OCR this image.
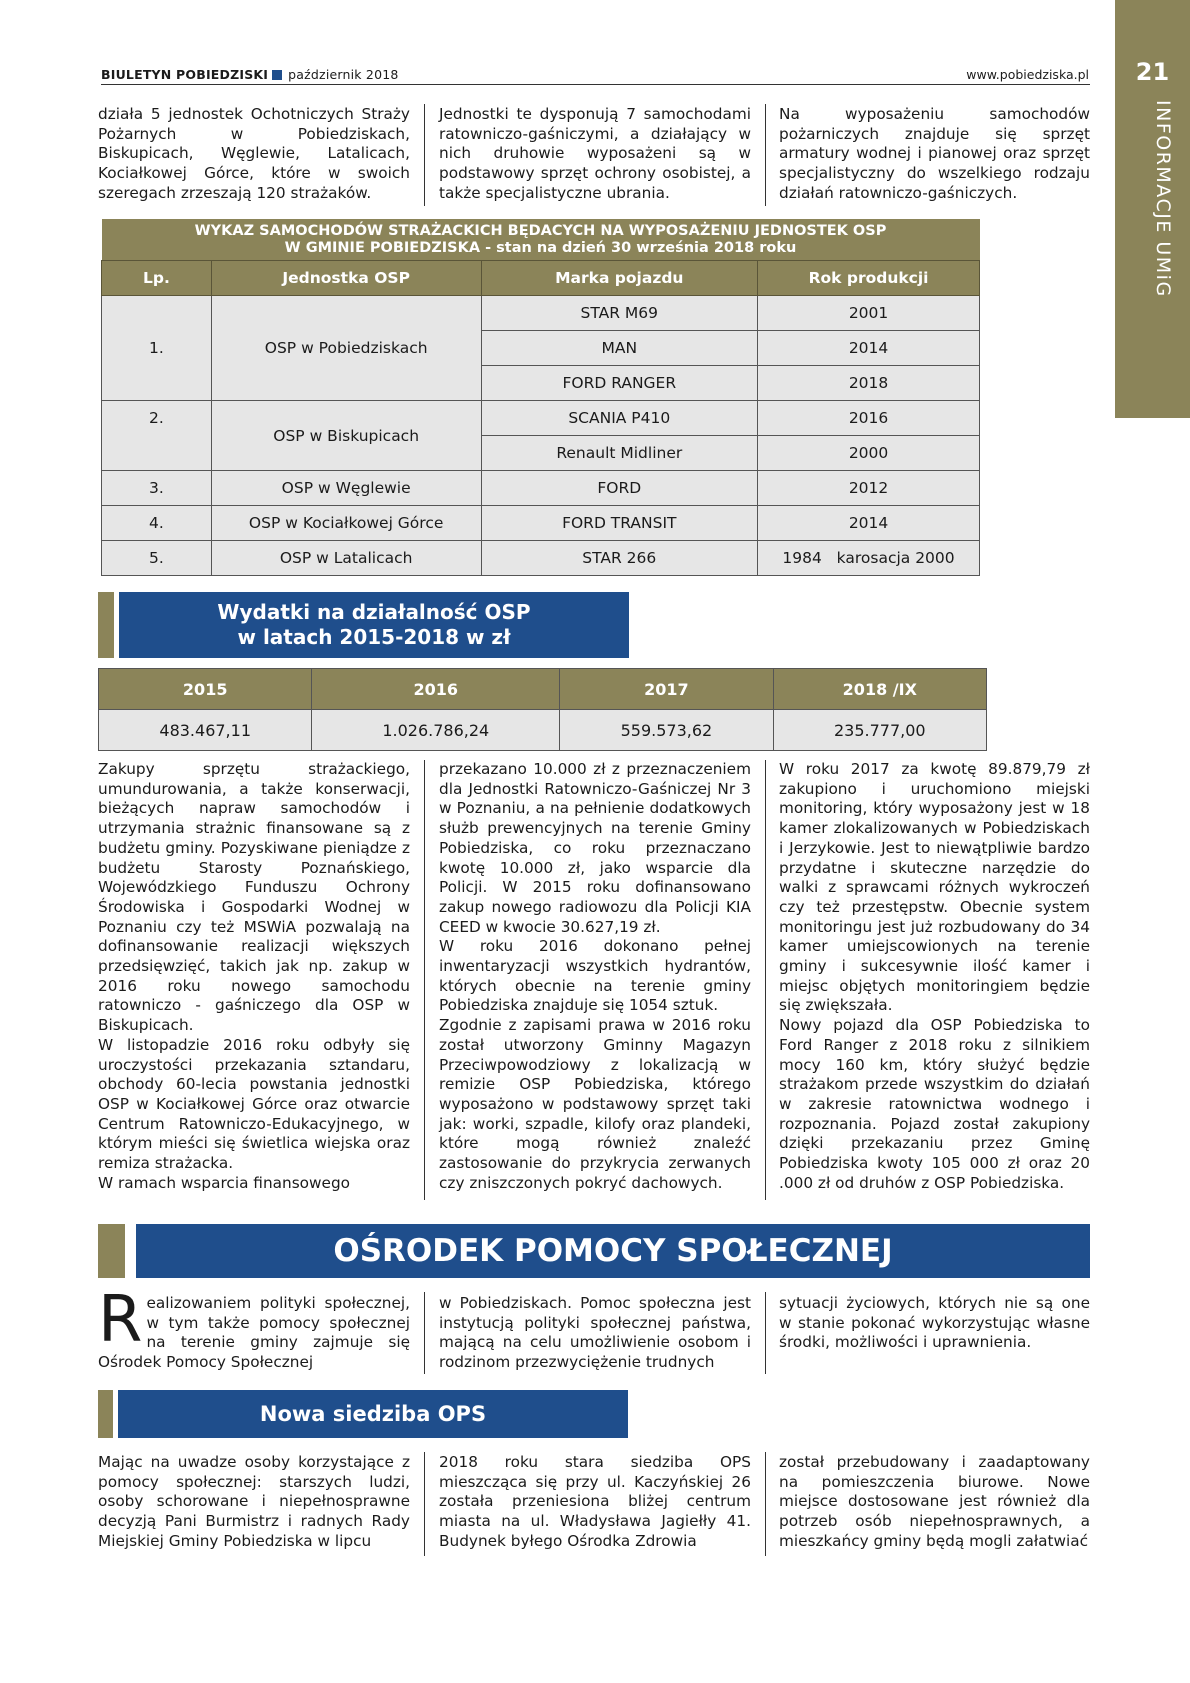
BIULETYN POBIEDZISKI październik 2018	www.pobiedziska.pl	21
INFORMACJE UMiG
działa 5 jednostek Ochotniczych Straży Pożarnych w Pobiedziskach, Biskupicach, Węglewie, Latalicach, Kociałkowej Górce, które w swoich szeregach zrzeszają 120 strażaków.
Jednostki te dysponują 7 samochodami ratowniczo-gaśniczymi, a działający w nich druhowie wyposażeni są w podstawowy sprzęt ochrony osobistej, a także specjalistyczne ubrania.
Na wyposażeniu samochodów pożarniczych znajduje się sprzęt armatury wodnej i pianowej oraz sprzęt specjalistyczny do wszelkiego rodzaju działań ratowniczo-gaśniczych.
WYKAZ SAMOCHODÓW STRAŻACKICH BĘDACYCH NA WYPOSAŻENIU JEDNOSTEK OSP
W GMINIE POBIEDZISKA - stan na dzień 30 września 2018 roku			

Lp.	Jednostka OSP	Marka pojazdu	Rok produkcji
1.	OSP w Pobiedziskach	STAR M69	2001
		MAN	2014
		FORD RANGER	2018
2.	OSP w Biskupicach	SCANIA P410	2016
		Renault Midliner	2000
3.	OSP w Węglewie	FORD	2012
4.	OSP w Kociałkowej Górce	FORD TRANSIT	2014
5.	OSP w Latalicach	STAR 266	1984   karosacja 2000
Wydatki na działalność OSP
w latach 2015-2018 w zł
2015	2016	2017	2018 /IX
483.467,11	1.026.786,24	559.573,62	235.777,00

Zakupy sprzętu strażackiego, umundurowania, a także konserwacji, bieżących napraw samochodów i utrzymania strażnic finansowane są z budżetu gminy. Pozyskiwane pieniądze z budżetu Starosty Poznańskiego, Wojewódzkiego Funduszu Ochrony Środowiska i Gospodarki Wodnej w Poznaniu czy też MSWiA pozwalają na dofinansowanie realizacji większych przedsięwzięć, takich jak np. zakup w 2016 roku nowego samochodu ratowniczo - gaśniczego dla OSP w Biskupicach.

W listopadzie 2016 roku odbyły się uroczystości przekazania sztandaru, obchody 60-lecia powstania jednostki OSP w Kociałkowej Górce oraz otwarcie Centrum Ratowniczo-Edukacyjnego, w którym mieści się świetlica wiejska oraz remiza strażacka.

W ramach wsparcia finansowego

przekazano 10.000 zł z przeznaczeniem dla Jednostki Ratowniczo-Gaśniczej Nr 3 w Poznaniu, a na pełnienie dodatkowych służb prewencyjnych na terenie Gminy Pobiedziska, co roku przeznaczano kwotę 10.000 zł, jako wsparcie dla Policji. W 2015 roku dofinansowano zakup nowego radiowozu dla Policji KIA CEED w kwocie 30.627,19 zł.

W roku 2016 dokonano pełnej inwentaryzacji wszystkich hydrantów, których obecnie na terenie gminy Pobiedziska znajduje się 1054 sztuk.

Zgodnie z zapisami prawa w 2016 roku został utworzony Gminny Magazyn Przeciwpowodziowy z lokalizacją w remizie OSP Pobiedziska, którego wyposażono w podstawowy sprzęt taki jak: worki, szpadle, kilofy oraz plandeki, które mogą również znaleźć zastosowanie do przykrycia zerwanych czy zniszczonych pokryć dachowych.

W roku 2017 za kwotę 89.879,79 zł zakupiono i uruchomiono miejski monitoring, który wyposażony jest w 18 kamer zlokalizowanych w Pobiedziskach i Jerzykowie. Jest to niewątpliwie bardzo przydatne i skuteczne narzędzie do walki z sprawcami różnych wykroczeń czy też przestępstw. Obecnie system monitoringu jest już rozbudowany do 34 kamer umiejscowionych na terenie gminy i sukcesywnie ilość kamer i miejsc objętych monitoringiem będzie się zwiększała.

Nowy pojazd dla OSP Pobiedziska to Ford Ranger z 2018 roku z silnikiem mocy 160 km, który służyć będzie strażakom przede wszystkim do działań w zakresie ratownictwa wodnego i rozpoznania. Pojazd został zakupiony dzięki przekazaniu przez Gminę Pobiedziska kwoty 105 000 zł oraz 20 .000 zł od druhów z OSP Pobiedziska.

OŚRODEK POMOCY SPOŁECZNEJ
Realizowaniem polityki społecznej, w tym także pomocy społecznej na terenie gminy zajmuje się Ośrodek Pomocy Społecznej
w Pobiedziskach. Pomoc społeczna jest instytucją polityki społecznej państwa, mającą na celu umożliwienie osobom i rodzinom przezwyciężenie trudnych
sytuacji życiowych, których nie są one w stanie pokonać wykorzystując własne środki, możliwości i uprawnienia.
Nowa siedziba OPS
Mając na uwadze osoby korzystające z pomocy społecznej: starszych ludzi, osoby schorowane i niepełnosprawne decyzją Pani Burmistrz i radnych Rady Miejskiej Gminy Pobiedziska w lipcu
2018 roku stara siedziba OPS mieszcząca się przy ul. Kaczyńskiej 26 została przeniesiona bliżej centrum miasta na ul. Władysława Jagiełły 41. Budynek byłego Ośrodka Zdrowia
został przebudowany i zaadaptowany na pomieszczenia biurowe. Nowe miejsce dostosowane jest również dla potrzeb osób niepełnosprawnych, a mieszkańcy gminy będą mogli załatwiać
